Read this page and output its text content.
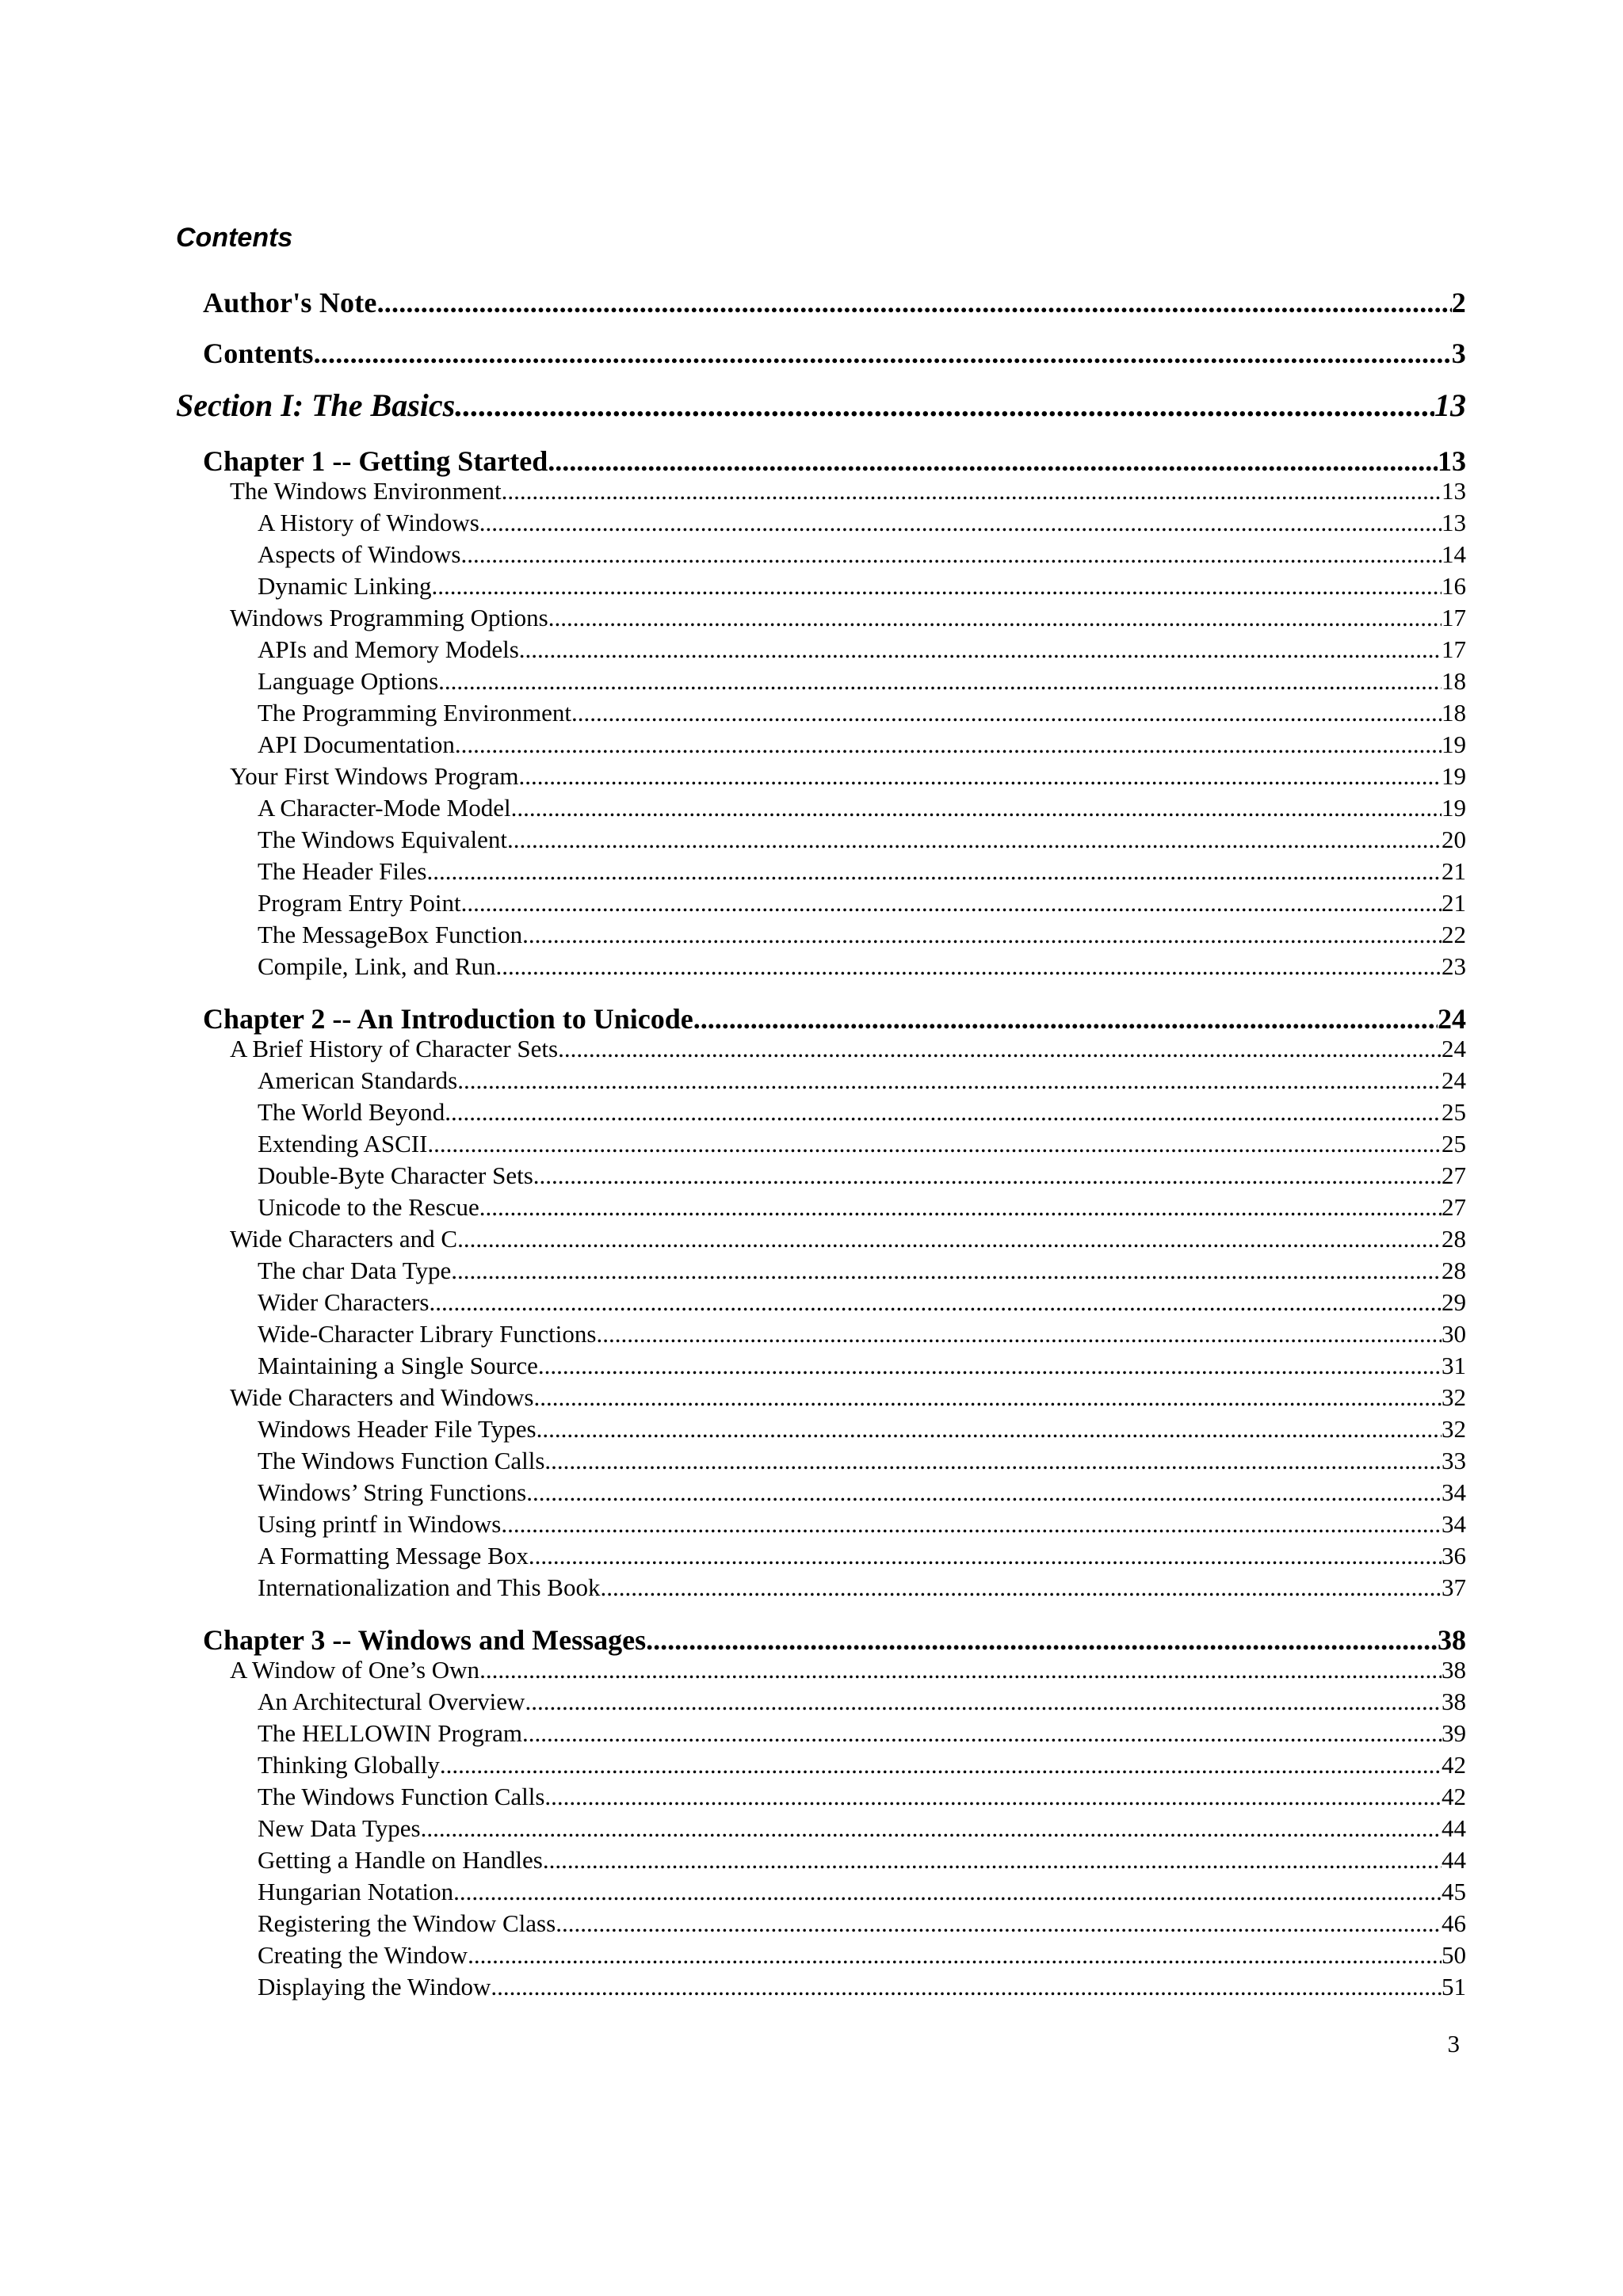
Contents
Author's Note .....	2
Contents .....	3
Section I: The Basics .....	13
Chapter 1 -- Getting Started .....	13
The Windows Environment .....	13
A History of Windows .....	13
Aspects of Windows .....	14
Dynamic Linking .....	16
Windows Programming Options .....	17
APIs and Memory Models .....	17
Language Options .....	18
The Programming Environment .....	18
API Documentation .....	19
Your First Windows Program .....	19
A Character-Mode Model .....	19
The Windows Equivalent .....	20
The Header Files .....	21
Program Entry Point .....	21
The MessageBox Function .....	22
Compile, Link, and Run .....	23
Chapter 2 -- An Introduction to Unicode .....	24
A Brief History of Character Sets .....	24
American Standards .....	24
The World Beyond .....	25
Extending ASCII .....	25
Double-Byte Character Sets .....	27
Unicode to the Rescue .....	27
Wide Characters and C .....	28
The char Data Type .....	28
Wider Characters .....	29
Wide-Character Library Functions .....	30
Maintaining a Single Source .....	31
Wide Characters and Windows .....	32
Windows Header File Types .....	32
The Windows Function Calls .....	33
Windows’ String Functions .....	34
Using printf in Windows .....	34
A Formatting Message Box .....	36
Internationalization and This Book .....	37
Chapter 3 -- Windows and Messages .....	38
A Window of One’s Own .....	38
An Architectural Overview .....	38
The HELLOWIN Program .....	39
Thinking Globally .....	42
The Windows Function Calls .....	42
New Data Types .....	44
Getting a Handle on Handles .....	44
Hungarian Notation .....	45
Registering the Window Class .....	46
Creating the Window .....	50
Displaying the Window .....	51
3
